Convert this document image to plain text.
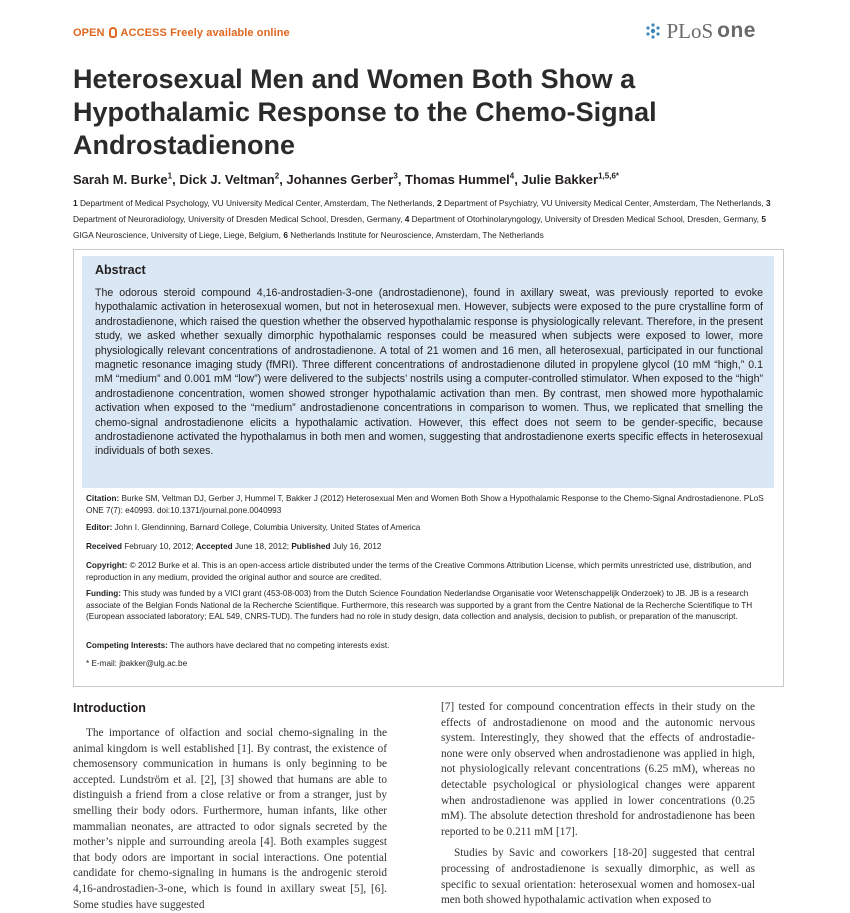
OPEN ACCESS Freely available online	PLoS one
Heterosexual Men and Women Both Show a Hypothalamic Response to the Chemo-Signal Androstadienone
Sarah M. Burke$^1$, Dick J. Veltman$^2$, Johannes Gerber$^3$, Thomas Hummel$^4$, Julie Bakker$^{1,5,6*}$
1 Department of Medical Psychology, VU University Medical Center, Amsterdam, The Netherlands, 2 Department of Psychiatry, VU University Medical Center, Amsterdam, The Netherlands, 3 Department of Neuroradiology, University of Dresden Medical School, Dresden, Germany, 4 Department of Otorhinolaryngology, University of Dresden Medical School, Dresden, Germany, 5 GIGA Neuroscience, University of Liege, Liege, Belgium, 6 Netherlands Institute for Neuroscience, Amsterdam, The Netherlands
Abstract
The odorous steroid compound 4,16-androstadien-3-one (androstadienone), found in axillary sweat, was previously reported to evoke hypothalamic activation in heterosexual women, but not in heterosexual men. However, subjects were exposed to the pure crystalline form of androstadienone, which raised the question whether the observed hypothalamic response is physiologically relevant. Therefore, in the present study, we asked whether sexually dimorphic hypothalamic responses could be measured when subjects were exposed to lower, more physiologically relevant concentrations of androstadienone. A total of 21 women and 16 men, all heterosexual, participated in our functional magnetic resonance imaging study (fMRI). Three different concentrations of androstadienone diluted in propylene glycol (10 mM “high,” 0.1 mM “medium” and 0.001 mM “low”) were delivered to the subjects’ nostrils using a computer-controlled stimulator. When exposed to the “high” androstadienone concentration, women showed stronger hypothalamic activation than men. By contrast, men showed more hypothalamic activation when exposed to the “medium” androstadienone concentrations in comparison to women. Thus, we replicated that smelling the chemo-signal androstadienone elicits a hypothalamic activation. However, this effect does not seem to be gender-specific, because androstadienone activated the hypothalamus in both men and women, suggesting that androstadienone exerts specific effects in heterosexual individuals of both sexes.
Citation: Burke SM, Veltman DJ, Gerber J, Hummel T, Bakker J (2012) Heterosexual Men and Women Both Show a Hypothalamic Response to the Chemo-Signal Androstadienone. PLoS ONE 7(7): e40993. doi:10.1371/journal.pone.0040993
Editor: John I. Glendinning, Barnard College, Columbia University, United States of America
Received February 10, 2012; Accepted June 18, 2012; Published July 16, 2012
Copyright: © 2012 Burke et al. This is an open-access article distributed under the terms of the Creative Commons Attribution License, which permits unrestricted use, distribution, and reproduction in any medium, provided the original author and source are credited.
Funding: This study was funded by a VICI grant (453-08-003) from the Dutch Science Foundation Nederlandse Organisatie voor Wetenschappelijk Onderzoek) to JB. JB is a research associate of the Belgian Fonds National de la Recherche Scientifique. Furthermore, this research was supported by a grant from the Centre National de la Recherche Scientifique to TH (European associated laboratory; EAL 549, CNRS-TUD). The funders had no role in study design, data collection and analysis, decision to publish, or preparation of the manuscript.
Competing Interests: The authors have declared that no competing interests exist.
* E-mail: jbakker@ulg.ac.be
Introduction
The importance of olfaction and social chemo-signaling in the animal kingdom is well established [1]. By contrast, the existence of chemosensory communication in humans is only beginning to be accepted. Lundström et al. [2], [3] showed that humans are able to distinguish a friend from a close relative or from a stranger, just by smelling their body odors. Furthermore, human infants, like other mammalian neonates, are attracted to odor signals secreted by the mother’s nipple and surrounding areola [4]. Both examples suggest that body odors are important in social interactions. One potential candidate for chemo-signaling in humans is the androgenic steroid 4,16-androstadien-3-one, which is found in axillary sweat [5], [6]. Some studies have suggested

[7] tested for compound concentration effects in their study on the effects of androstadienone on mood and the autonomic nervous system. Interestingly, they showed that the effects of androstadie-none were only observed when androstadienone was applied in high, not physiologically relevant concentrations (6.25 mM), whereas no detectable psychological or physiological changes were apparent when androstadienone was applied in lower concentrations (0.25 mM). The absolute detection threshold for androstadienone has been reported to be 0.211 mM [17].

Studies by Savic and coworkers [18-20] suggested that central processing of androstadienone is sexually dimorphic, as well as specific to sexual orientation: heterosexual women and homosex-ual men both showed hypothalamic activation when exposed to
